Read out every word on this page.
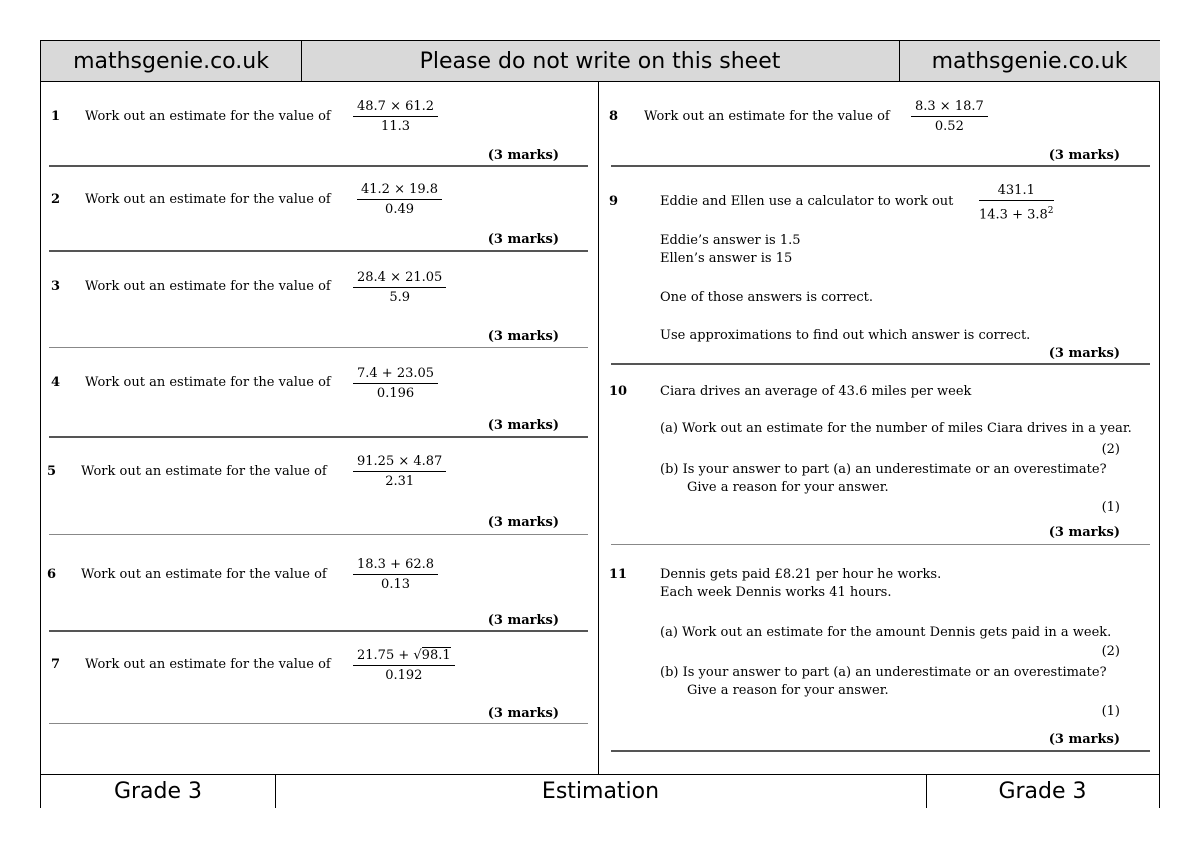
mathsgenie.co.uk	Please do not write on this sheet	mathsgenie.co.uk
Grade 3	Estimation	Grade 3
1 Work out an estimate for the value of $\frac{48.7 \times 61.2}{11.3}$
(3 marks)
2 Work out an estimate for the value of $\frac{41.2 \times 19.8}{0.49}$
(3 marks)
3 Work out an estimate for the value of $\frac{28.4 \times 21.05}{5.9}$
(3 marks)
4 Work out an estimate for the value of $\frac{7.4 + 23.05}{0.196}$
(3 marks)
5 Work out an estimate for the value of $\frac{91.25 \times 4.87}{2.31}$
(3 marks)
6 Work out an estimate for the value of $\frac{18.3 + 62.8}{0.13}$
(3 marks)
7 Work out an estimate for the value of $\frac{21.75 + √98.1}{0.192}$
(3 marks)
8 Work out an estimate for the value of $\frac{8.3 \times 18.7}{0.52}$
(3 marks)
9	Eddie and Ellen use a calculator to work out $\frac{431.1}{14.3 + 3.8^2}$
Eddie’s answer is 1.5
Ellen’s answer is 15
One of those answers is correct.
Use approximations to find out which answer is correct.
(3 marks)
10	Ciara drives an average of 43.6 miles per week
(a) Work out an estimate for the number of miles Ciara drives in a year.
(2)
(b) Is your answer to part (a) an underestimate or an overestimate?
Give a reason for your answer.
(1)
(3 marks)
11	Dennis gets paid £8.21 per hour he works.
Each week Dennis works 41 hours.
(a) Work out an estimate for the amount Dennis gets paid in a week.
(2)
(b) Is your answer to part (a) an underestimate or an overestimate?
Give a reason for your answer.
(1)
(3 marks)
